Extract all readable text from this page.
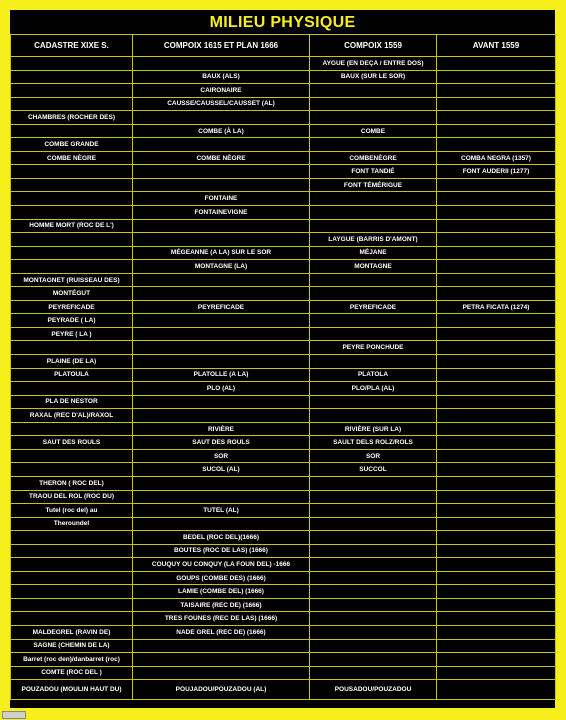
MILIEU PHYSIQUE
CADASTRE XIXE S.	COMPOIX 1615 ET PLAN 1666	COMPOIX 1559	AVANT 1559
		AYGUE (EN DEÇA / ENTRE DOS)	
	BAUX (ALS)	BAUX (SUR LE SOR)	
	CAIRONAIRE		
	CAUSSE/CAUSSEL/CAUSSET (AL)		
CHAMBRES (ROCHER DES)			
	COMBE (À LA)	COMBE	
COMBE GRANDE			
COMBE NÈGRE	COMBE NÈGRE	COMBENÈGRE	COMBA NEGRA (1357)
		FONT TANDIÉ	FONT AUDERII (1277)
		FONT TÉMÉRIGUE	
	FONTAINE		
	FONTAINEVIGNE		
HOMME MORT (ROC DE L')			
		LAYGUE (BARRIS D'AMONT)	
	MÉGEANNE (A LA) SUR LE SOR	MÉJANE	
	MONTAGNE (LA)	MONTAGNE	
MONTAGNET (RUISSEAU DES)			
MONTÉGUT			
PEYREFICADE	PEYREFICADE	PEYREFICADE	PETRA FICATA (1274)
PEYRADE ( LA)			
PEYRE ( LA )			
		PEYRE PONCHUDE	
PLAINE (DE LA)			
PLATOULA	PLATOLLE (A LA)	PLATOLA	
	PLO (AL)	PLO/PLA (AL)	
PLA DE NESTOR			
RAXAL (REC D'AL)/RAXOL			
	RIVIÈRE	RIVIÈRE (SUR LA)	
SAUT DES ROULS	SAUT DES ROULS	SAULT DELS ROLZ/ROLS	
	SOR	SOR	
	SUCOL (AL)	SUCCOL	
THERON ( ROC DEL)			
TRAOU DEL ROL (ROC DU)			
Tutel (roc del) au	TUTEL (AL)		
Theroundel			
	BEDEL (ROC DEL)(1666)		
	BOUTES (ROC DE LAS) (1666)		
	COUQUY OU CONQUY (LA FOUN DEL) -1666		
	GOUPS (COMBE DES) (1666)		
	LAMIE (COMBE DEL) (1666)		
	TAISAIRE (REC DE) (1666)		
	TRES FOUNES (REC DE LAS) (1666)		
MALDEGREL (RAVIN DE)	NADE GREL (REC DE) (1666)		
SAGNE (CHEMIN DE LA)			
Barret (roc den)/danbarret (roc)			
COMTE (ROC DEL )			
POUZADOU (MOULIN HAUT DU)	POUJADOU/POUZADOU (AL)	POUSADOU/POUZADOU	
